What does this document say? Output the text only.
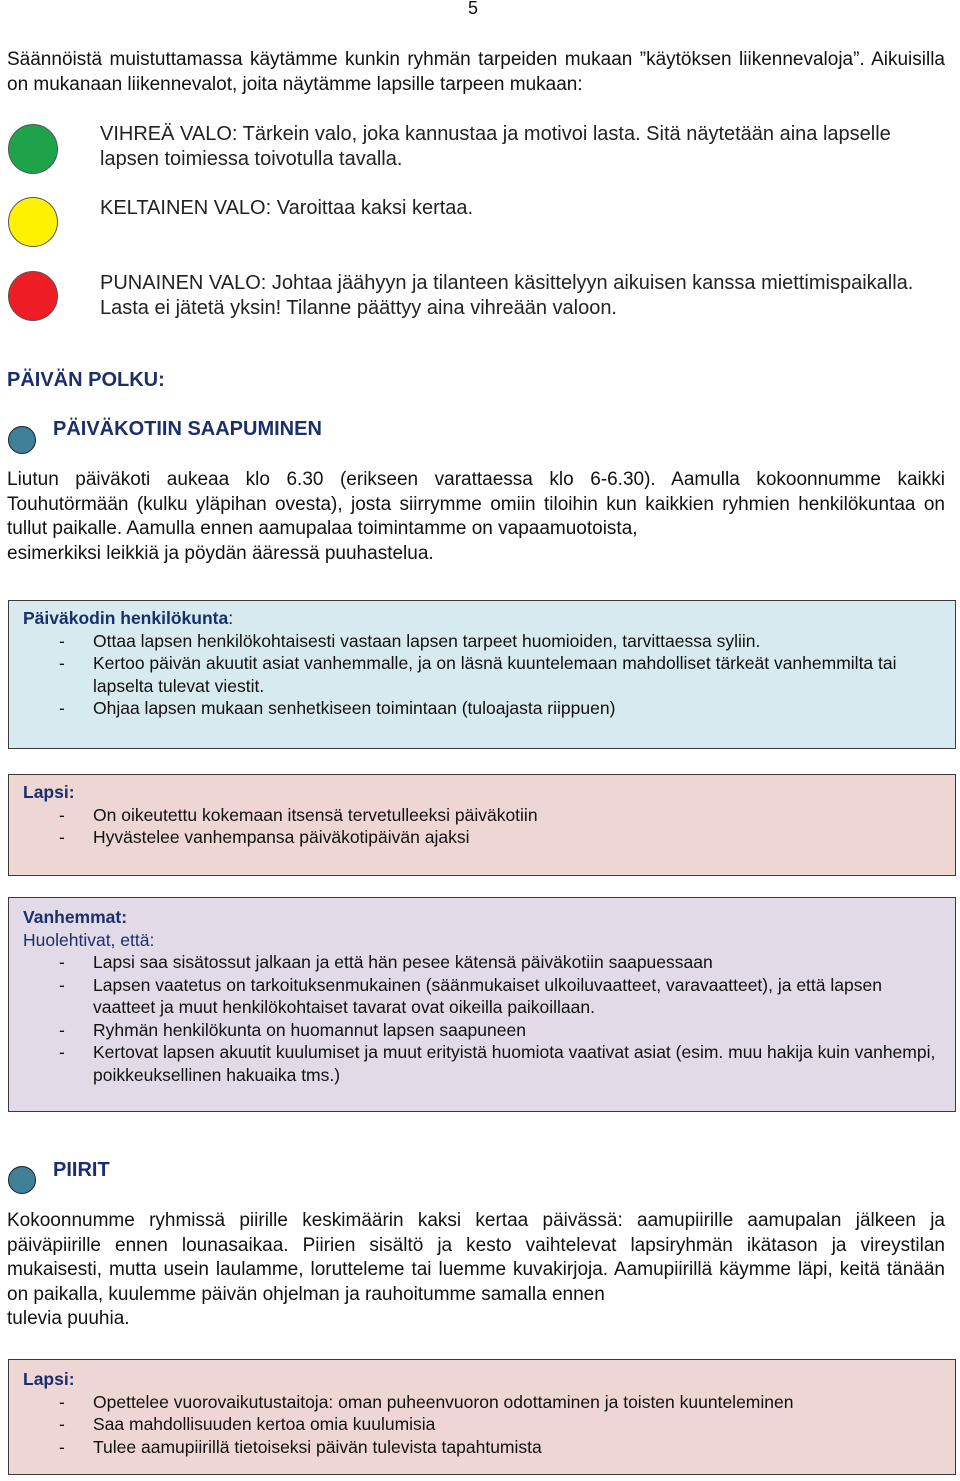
5
Säännöistä muistuttamassa käytämme kunkin ryhmän tarpeiden mukaan ”käytöksen liikennevaloja”. Aikuisilla on mukanaan liikennevalot, joita näytämme lapsille tarpeen mukaan:
VIHREÄ VALO: Tärkein valo, joka kannustaa ja motivoi lasta. Sitä näytetään aina lapselle lapsen toimiessa toivotulla tavalla.
KELTAINEN VALO: Varoittaa kaksi kertaa.
PUNAINEN VALO: Johtaa jäähyyn ja tilanteen käsittelyyn aikuisen kanssa miettimispaikalla. Lasta ei jätetä yksin! Tilanne päättyy aina vihreään valoon.
PÄIVÄN POLKU:
PÄIVÄKOTIIN SAAPUMINEN
Liutun päiväkoti aukeaa klo 6.30 (erikseen varattaessa klo 6-6.30). Aamulla kokoonnumme kaikki Touhutörmään (kulku yläpihan ovesta), josta siirrymme omiin tiloihin kun kaikkien ryhmien henkilökuntaa on tullut paikalle. Aamulla ennen aamupalaa toimintamme on vapaamuotoista,
esimerkiksi leikkiä ja pöydän ääressä puuhastelua.
Päiväkodin henkilökunta:
- Ottaa lapsen henkilökohtaisesti vastaan lapsen tarpeet huomioiden, tarvittaessa syliin.
- Kertoo päivän akuutit asiat vanhemmalle, ja on läsnä kuuntelemaan mahdolliset tärkeät vanhemmilta tai lapselta tulevat viestit.
- Ohjaa lapsen mukaan senhetkiseen toimintaan (tuloajasta riippuen)
Lapsi:
- On oikeutettu kokemaan itsensä tervetulleeksi päiväkotiin
- Hyvästelee vanhempansa päiväkotipäivän ajaksi
Vanhemmat:
Huolehtivat, että:
- Lapsi saa sisätossut jalkaan ja että hän pesee kätensä päiväkotiin saapuessaan
- Lapsen vaatetus on tarkoituksenmukainen (säänmukaiset ulkoiluvaatteet, varavaatteet), ja että lapsen vaatteet ja muut henkilökohtaiset tavarat ovat oikeilla paikoillaan.
- Ryhmän henkilökunta on huomannut lapsen saapuneen
- Kertovat lapsen akuutit kuulumiset ja muut erityistä huomiota vaativat asiat (esim. muu hakija kuin vanhempi, poikkeuksellinen hakuaika tms.)
PIIRIT
Kokoonnumme ryhmissä piirille keskimäärin kaksi kertaa päivässä: aamupiirille aamupalan jälkeen ja päiväpiirille ennen lounasaikaa. Piirien sisältö ja kesto vaihtelevat lapsiryhmän ikätason ja vireystilan mukaisesti, mutta usein laulamme, lorutteleme tai luemme kuvakirjoja. Aamupiirillä käymme läpi, keitä tänään on paikalla, kuulemme päivän ohjelman ja rauhoitumme samalla ennen
tulevia puuhia.
Lapsi:
- Opettelee vuorovaikutustaitoja: oman puheenvuoron odottaminen ja toisten kuunteleminen
- Saa mahdollisuuden kertoa omia kuulumisia
- Tulee aamupiirillä tietoiseksi päivän tulevista tapahtumista
